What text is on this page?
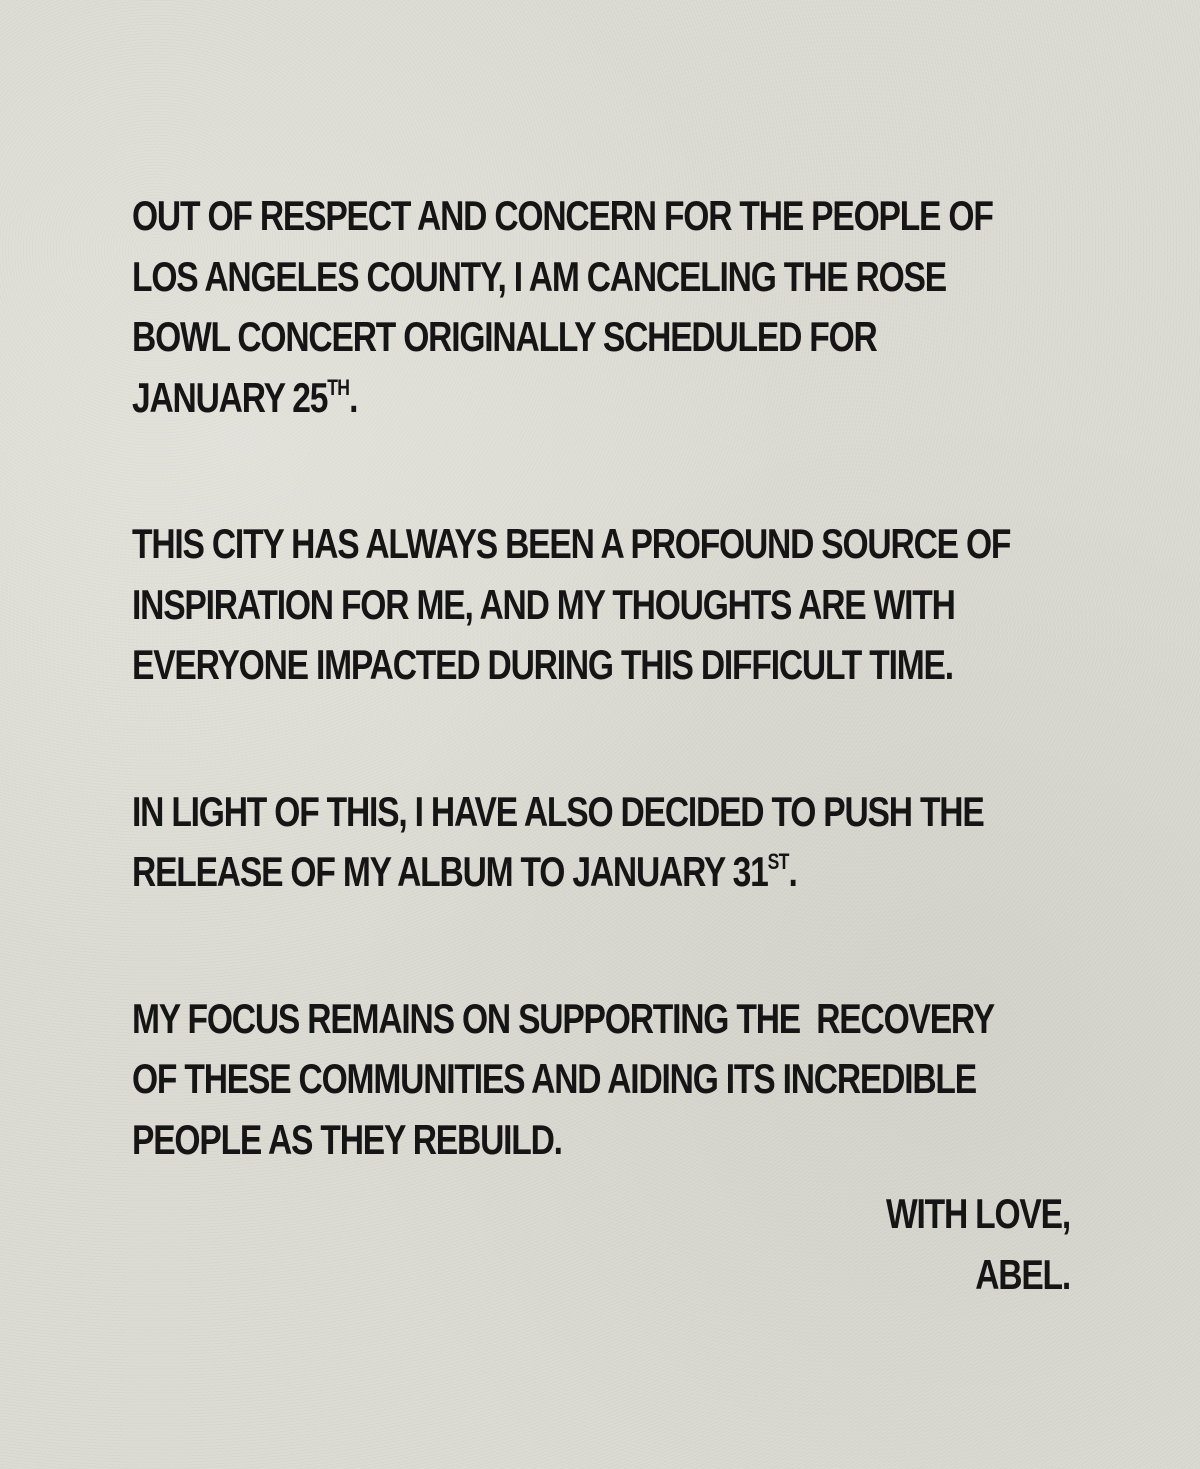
OUT OF RESPECT AND CONCERN FOR THE PEOPLE OF
LOS ANGELES COUNTY, I AM CANCELING THE ROSE
BOWL CONCERT ORIGINALLY SCHEDULED FOR
JANUARY 25TH.

THIS CITY HAS ALWAYS BEEN A PROFOUND SOURCE OF
INSPIRATION FOR ME, AND MY THOUGHTS ARE WITH
EVERYONE IMPACTED DURING THIS DIFFICULT TIME.

IN LIGHT OF THIS, I HAVE ALSO DECIDED TO PUSH THE
RELEASE OF MY ALBUM TO JANUARY 31ST.

MY FOCUS REMAINS ON SUPPORTING THE  RECOVERY
OF THESE COMMUNITIES AND AIDING ITS INCREDIBLE
PEOPLE AS THEY REBUILD.

WITH LOVE,
ABEL.
